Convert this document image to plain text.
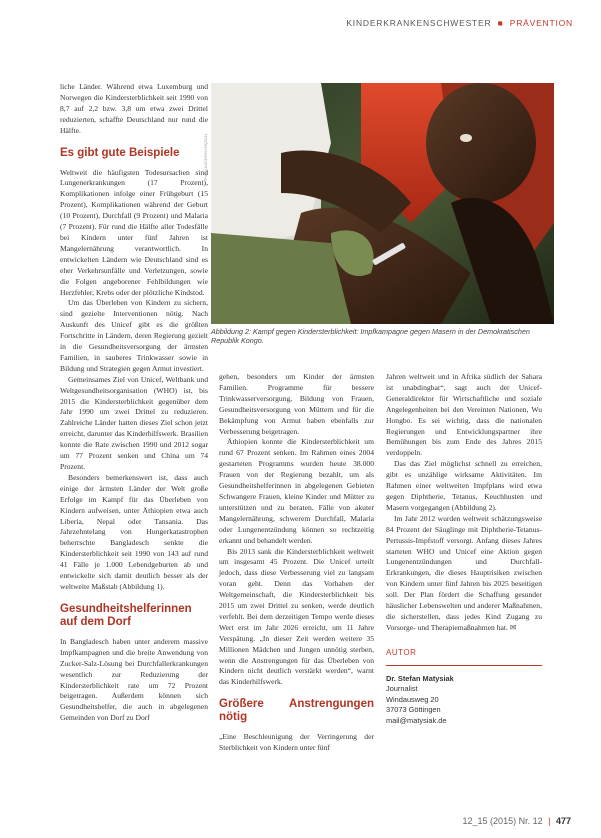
KINDERKRANKENSCHWESTER ■ PRÄVENTION

liche Länder. Während etwa Luxemburg und Norwegen die Kindersterblichkeit seit 1990 von 8,7 auf 2,2 bzw. 3,8 um etwa zwei Drittel reduzierten, schaffte Deutschland nur rund die Hälfte.

Es gibt gute Beispiele

Weltweit die häufigsten Todesursachen sind Lungenerkrankungen (17 Prozent), Komplikationen infolge einer Frühgeburt (15 Prozent), Komplikationen während der Geburt (10 Prozent), Durchfall (9 Prozent) und Malaria (7 Prozent). Für rund die Hälfte aller Todesfälle bei Kindern unter fünf Jahren ist Mangelernährung verantwortlich. In entwickelten Ländern wie Deutschland sind es eher Verkehrsunfälle und Verletzungen, sowie die Folgen angeborener Fehlbildungen wie Herzfehler, Krebs oder der plötzliche Kindstod.

Um das Überleben von Kindern zu sichern, sind gezielte Interventionen nötig. Nach Auskunft des Unicef gibt es die größten Fortschritte in Ländern, deren Regierung gezielt in die Gesundheitsversorgung der ärmsten Familien, in sauberes Trinkwasser sowie in Bildung und Strategien gegen Armut investiert.

Gemeinsames Ziel von Unicef, Weltbank und Weltgesundheitsorganisation (WHO) ist, bis 2015 die Kindersterblichkeit gegenüber dem Jahr 1990 um zwei Drittel zu reduzieren. Zahlreiche Länder hatten dieses Ziel schon jetzt erreicht, darunter das Kinderhilfswerk. Brasilien konnte die Rate zwischen 1990 und 2012 sogar um 77 Prozent senken und China um 74 Prozent.

Besonders bemerkenswert ist, dass auch einige der ärmsten Länder der Welt große Erfolge im Kampf für das Überleben von Kindern aufweisen, unter Äthiopien etwa auch Liberia, Nepal oder Tansania. Das Jahrzehntelang von Hungerkatastrophen beherrschte Bangladesch senkte die Kindersterblichkeit seit 1990 von 143 auf rund 41 Fälle je 1.000 Lebendgeburten ab und entwickelte sich damit deutlich besser als der weltweite Maßstab (Abbildung 1).

Gesundheitshelferinnen auf dem Dorf

In Bangladesch haben unter anderem massive Impfkampagnen und die breite Anwendung von Zucker-Salz-Lösung bei Durchfallerkrankungen wesentlich zur Reduzierung der Kindersterblichkeit rate um 72 Prozent beigetragen. Außerdem können sich Gesundheitshelfer, die auch in abgelegenen Gemeinden von Dorf zu Dorf

Foto: UNICEF/NYHQ2011
Abbildung 2: Kampf gegen Kindersterblichkeit: Impfkampagne gegen Masern in der Demokratischen Republik Kongo.

gehen, besonders um Kinder der ärmsten Familien. Programme für bessere Trinkwasserversorgung, Bildung von Frauen, Gesundheitsversorgung von Müttern und für die Bekämpfung von Armut haben ebenfalls zur Verbesserung beigetragen.

Äthiopien konnte die Kindersterblichkeit um rund 67 Prozent senken. Im Rahmen eines 2004 gestarteten Programms wurden heute 38.000 Frauen von der Regierung bezahlt, um als Gesundheitshelferinnen in abgelegenen Gebieten Schwangere Frauen, kleine Kinder und Mütter zu unterstützen und zu beraten. Fälle von akuter Mangelernährung, schwerem Durchfall, Malaria oder Lungenentzündung können so rechtzeitig erkannt und behandelt werden.

Bis 2013 sank die Kindersterblichkeit weltweit um insgesamt 45 Prozent. Die Unicef urteilt jedoch, dass diese Verbesserung viel zu langsam voran geht. Denn das Vorhaben der Weltgemeinschaft, die Kindersterblichkeit bis 2015 um zwei Drittel zu senken, werde deutlich verfehlt. Bei dem derzeitigen Tempo werde dieses Wert erst im Jahr 2026 erreicht, um 11 Jahre Verspätung. „In dieser Zeit werden weitere 35 Millionen Mädchen und Jungen unnötig sterben, wenn die Anstrengungen für das Überleben von Kindern nicht deutlich verstärkt werden“, warnt das Kinderhilfswerk.

Größere Anstrengungen nötig

„Eine Beschleunigung der Verringerung der Sterblichkeit von Kindern unter fünf

Jahren weltweit und in Afrika südlich der Sahara ist unabdingbar“, sagt auch der Unicef-Generaldirektor für Wirtschaftliche und soziale Angelegenheiten bei den Vereinten Nationen, Wu Hongbo. Es sei wichtig, dass die nationalen Regierungen und Entwicklungspartner ihre Bemühungen bis zum Ende des Jahres 2015 verdoppeln.

Das das Ziel möglichst schnell zu erreichen, gibt es unzählige wirksame Aktivitäten. Im Rahmen einer weltweiten Impfplans wird etwa gegen Diphtherie, Tetanus, Keuchhusten und Masern vorgegangen (Abbildung 2).

Im Jahr 2012 wurden weltweit schätzungsweise 84 Prozent der Säuglinge mit Diphtherie-Tetanus-Pertussis-Impfstoff versorgt. Anfang dieses Jahres starteten WHO und Unicef eine Aktion gegen Lungenentzündungen und Durchfall-Erkrankungen, die dieses Hauptrisiken zwischen von Kindern unter fünf Jahren bis 2025 beseitigen soll. Der Plan fördert die Schaffung gesunder häuslicher Lebenswelten und anderer Maßnahmen, die sicherstellen, dass jedes Kind Zugang zu Vorsorge- und Therapiemaßnahmen hat. ✉

AUTOR
Dr. Stefan Matysiak
Journalist
Windausweg 20
37073 Göttingen
mail@matysiak.de
12_15 (2015) Nr. 12 | 477
